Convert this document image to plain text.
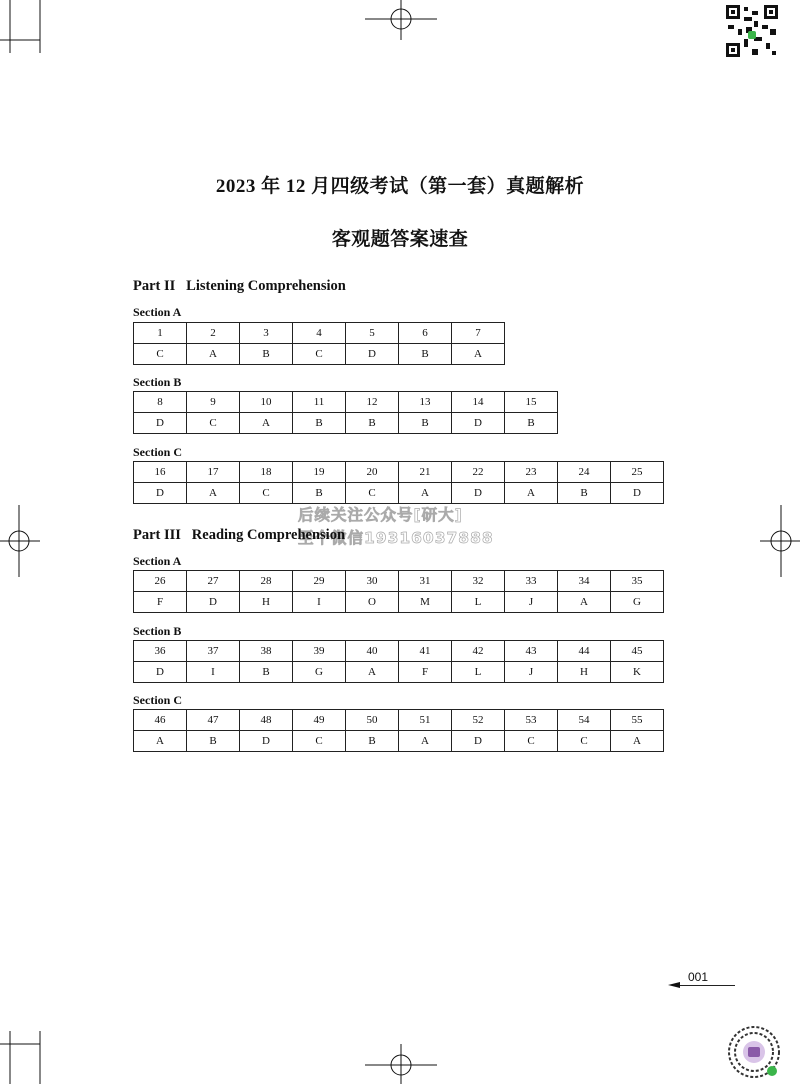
2023 年 12 月四级考试（第一套）真题解析
客观题答案速查
Part II   Listening Comprehension
Section A
1	2	3	4	5	6	7
C	A	B	C	D	B	A
Section B
8	9	10	11	12	13	14	15
D	C	A	B	B	B	D	B
Section C
16	17	18	19	20	21	22	23	24	25
D	A	C	B	C	A	D	A	B	D
后续关注公众号[研大]
至个微信19316037888
Part III   Reading Comprehension
Section A
26	27	28	29	30	31	32	33	34	35
F	D	H	I	O	M	L	J	A	G
Section B
36	37	38	39	40	41	42	43	44	45
D	I	B	G	A	F	L	J	H	K
Section C
46	47	48	49	50	51	52	53	54	55
A	B	D	C	B	A	D	C	C	A
001
